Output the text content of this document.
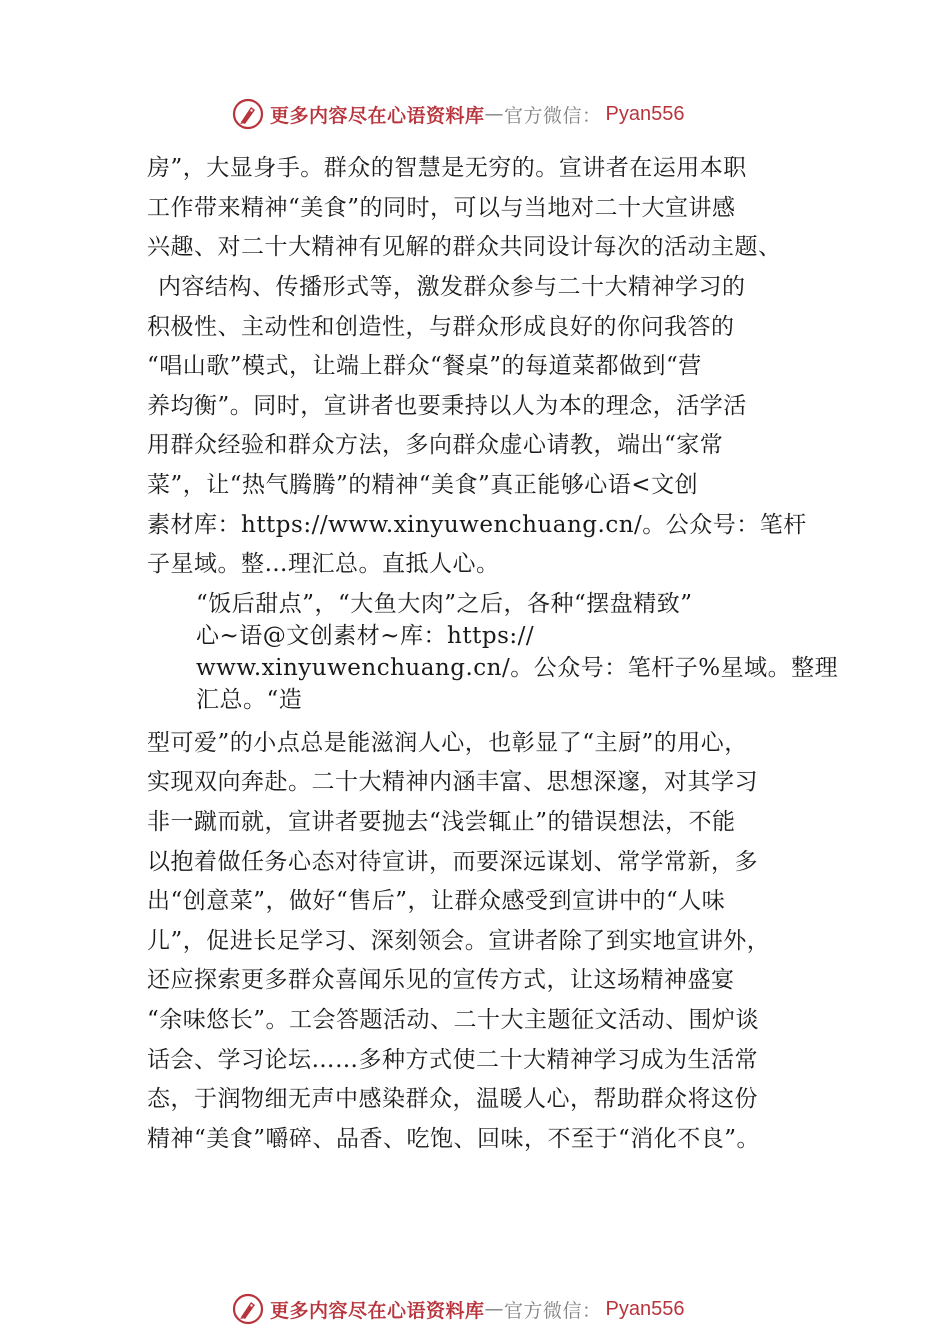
更多内容尽在心语资料库 — 官方微信： Pyan556
房”，大显身手。群众的智慧是无穷的。宣讲者在运用本职
工作带来精神“美食”的同时，可以与当地对二十大宣讲感
兴趣、对二十大精神有见解的群众共同设计每次的活动主题、
内容结构、传播形式等，激发群众参与二十大精神学习的
积极性、主动性和创造性，与群众形成良好的你问我答的
“唱山歌”模式，让端上群众“餐桌”的每道菜都做到“营
养均衡”。同时，宣讲者也要秉持以人为本的理念，活学活
用群众经验和群众方法，多向群众虚心请教，端出“家常
菜”，让“热气腾腾”的精神“美食”真正能够心语<文创
素材库：https://www.xinyuwenchuang.cn/。公众号：笔杆
子星域。整…理汇总。直抵人心。
“饭后甜点”，“大鱼大肉”之后，各种“摆盘精致”
心~语@文创素材~库：https://
www.xinyuwenchuang.cn/。公众号：笔杆子%星域。整理
汇总。“造
型可爱”的小点总是能滋润人心，也彰显了“主厨”的用心，
实现双向奔赴。二十大精神内涵丰富、思想深邃，对其学习
非一蹴而就，宣讲者要抛去“浅尝辄止”的错误想法，不能
以抱着做任务心态对待宣讲，而要深远谋划、常学常新，多
出“创意菜”，做好“售后”，让群众感受到宣讲中的“人味
儿”，促进长足学习、深刻领会。宣讲者除了到实地宣讲外，
还应探索更多群众喜闻乐见的宣传方式，让这场精神盛宴
“余味悠长”。工会答题活动、二十大主题征文活动、围炉谈
话会、学习论坛……多种方式使二十大精神学习成为生活常
态，于润物细无声中感染群众，温暖人心，帮助群众将这份
精神“美食”嚼碎、品香、吃饱、回味，不至于“消化不良”。
更多内容尽在心语资料库 — 官方微信： Pyan556
